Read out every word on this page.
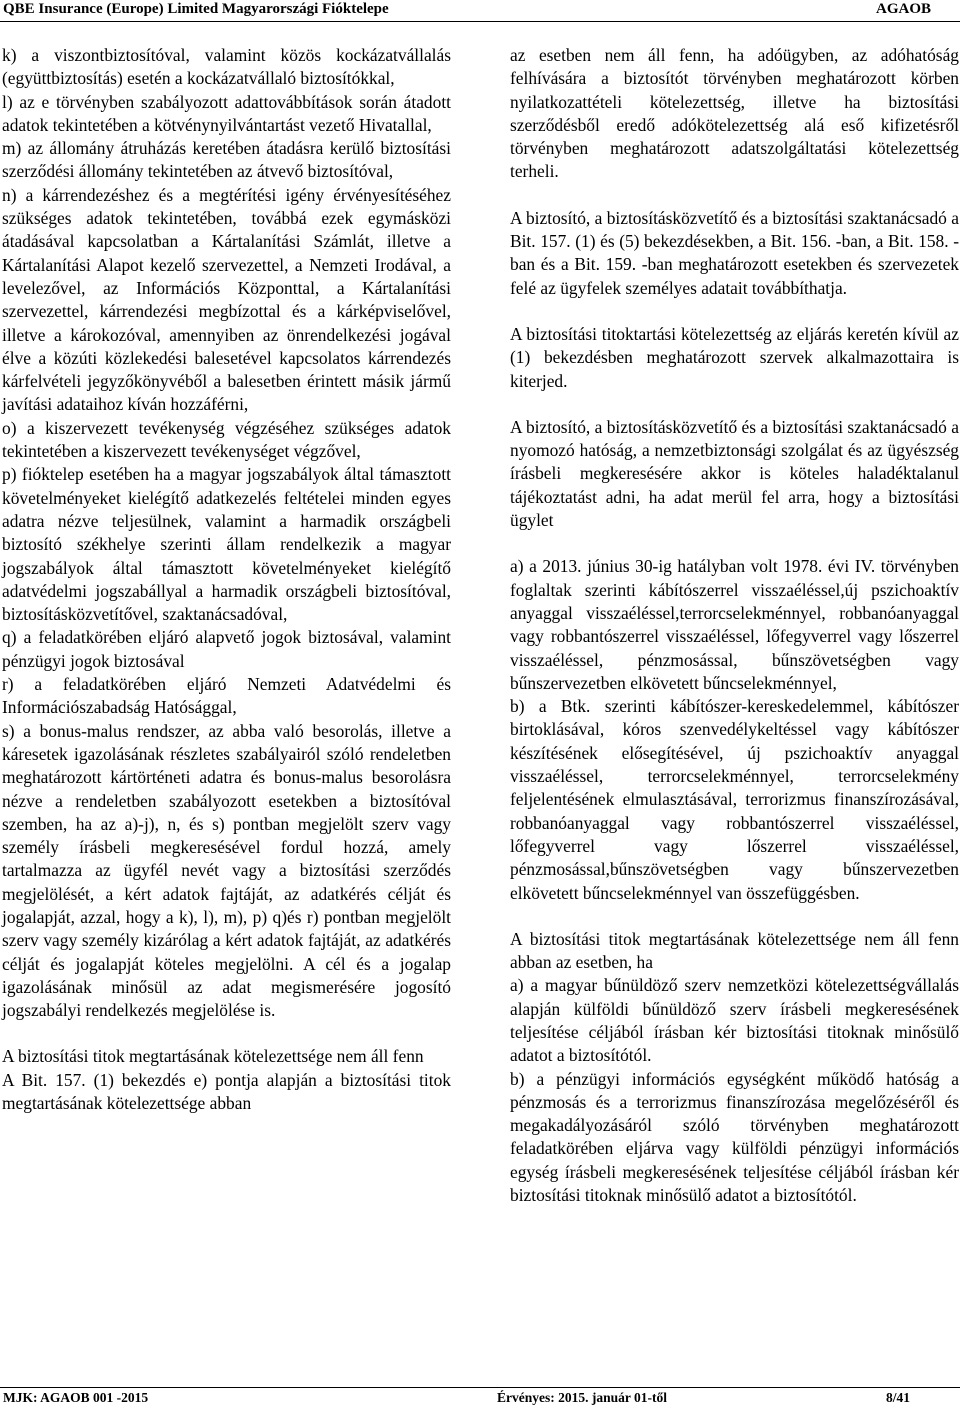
QBE Insurance (Europe) Limited Magyarországi Fióktelepe	AGAOB

k) a viszontbiztosítóval, valamint közös kockázatvállalás (együttbiztosítás) esetén a kockázatvállaló biztosítókkal,

l) az e törvényben szabályozott adattovábbítások során átadott adatok tekintetében a kötvénynyilvántartást vezető Hivatallal,

m) az állomány átruházás keretében átadásra kerülő biztosítási szerződési állomány tekintetében az átvevő biztosítóval,

n) a kárrendezéshez és a megtérítési igény érvényesítéséhez szükséges adatok tekintetében, továbbá ezek egymásközi átadásával kapcsolatban a Kártalanítási Számlát, illetve a Kártalanítási Alapot kezelő szervezettel, a Nemzeti Irodával, a levelezővel, az Információs Központtal, a Kártalanítási szervezettel, kárrendezési megbízottal és a kárképviselővel, illetve a károkozóval, amennyiben az önrendelkezési jogával élve a közúti közlekedési balesetével kapcsolatos kárrendezés kárfelvételi jegyzőkönyvéből a balesetben érintett másik jármű javítási adataihoz kíván hozzáférni,

o) a kiszervezett tevékenység végzéséhez szükséges adatok tekintetében a kiszervezett tevékenységet végzővel,

p) fióktelep esetében ha a magyar jogszabályok által támasztott követelményeket kielégítő adatkezelés feltételei minden egyes adatra nézve teljesülnek, valamint a harmadik országbeli biztosító székhelye szerinti állam rendelkezik a magyar jogszabályok által támasztott követelményeket kielégítő adatvédelmi jogszabállyal a harmadik országbeli biztosítóval, biztosításközvetítővel, szaktanácsadóval,

q) a feladatkörében eljáró alapvető jogok biztosával, valamint pénzügyi jogok biztosával

r) a feladatkörében eljáró Nemzeti Adatvédelmi és Információszabadság Hatósággal,

s) a bonus-malus rendszer, az abba való besorolás, illetve a káresetek igazolásának részletes szabályairól szóló rendeletben meghatározott kártörténeti adatra és bonus-malus besorolásra nézve a rendeletben szabályozott esetekben a biztosítóval szemben, ha az a)-j), n, és s) pontban megjelölt szerv vagy személy írásbeli megkeresésével fordul hozzá, amely tartalmazza az ügyfél nevét vagy a biztosítási szerződés megjelölését, a kért adatok fajtáját, az adatkérés célját és jogalapját, azzal, hogy a k), l), m), p) q)és r) pontban megjelölt szerv vagy személy kizárólag a kért adatok fajtáját, az adatkérés célját és jogalapját köteles megjelölni. A cél és a jogalap igazolásának minősül az adat megismerésére jogosító jogszabályi rendelkezés megjelölése is.

A biztosítási titok megtartásának kötelezettsége nem áll fenn

A Bit. 157. (1) bekezdés e) pontja alapján a biztosítási titok megtartásának kötelezettsége abban

az esetben nem áll fenn, ha adóügyben, az adóhatóság felhívására a biztosítót törvényben meghatározott körben nyilatkozattételi kötelezettség, illetve ha biztosítási szerződésből eredő adókötelezettség alá eső kifizetésről törvényben meghatározott adatszolgáltatási kötelezettség terheli.

A biztosító, a biztosításközvetítő és a biztosítási szaktanácsadó a Bit. 157. (1) és (5) bekezdésekben, a Bit. 156. -ban, a Bit. 158. -ban és a Bit. 159. -ban meghatározott esetekben és szervezetek felé az ügyfelek személyes adatait továbbíthatja.

A biztosítási titoktartási kötelezettség az eljárás keretén kívül az (1) bekezdésben meghatározott szervek alkalmazottaira is kiterjed.

A biztosító, a biztosításközvetítő és a biztosítási szaktanácsadó a nyomozó hatóság, a nemzetbiztonsági szolgálat és az ügyészség írásbeli megkeresésére akkor is köteles haladéktalanul tájékoztatást adni, ha adat merül fel arra, hogy a biztosítási ügylet

a) a 2013. június 30-ig hatályban volt 1978. évi IV. törvényben foglaltak szerinti kábítószerrel visszaéléssel,új pszichoaktív anyaggal visszaéléssel,terrorcselekménnyel, robbanóanyaggal vagy robbantószerrel visszaéléssel, lőfegyverrel vagy lőszerrel visszaéléssel, pénzmosással, bűnszövetségben vagy bűnszervezetben elkövetett bűncselekménnyel,

b) a Btk. szerinti kábítószer-kereskedelemmel, kábítószer birtoklásával, kóros szenvedélykeltéssel vagy kábítószer készítésének elősegítésével, új pszichoaktív anyaggal visszaéléssel, terrorcselekménnyel, terrorcselekmény feljelentésének elmulasztásával, terrorizmus finanszírozásával, robbanóanyaggal vagy robbantószerrel visszaéléssel, lőfegyverrel vagy lőszerrel visszaéléssel, pénzmosással,bűnszövetségben vagy bűnszervezetben elkövetett bűncselekménnyel van összefüggésben.

A biztosítási titok megtartásának kötelezettsége nem áll fenn abban az esetben, ha

a) a magyar bűnüldöző szerv nemzetközi kötelezettségvállalás alapján külföldi bűnüldöző szerv írásbeli megkeresésének teljesítése céljából írásban kér biztosítási titoknak minősülő adatot a biztosítótól.

b) a pénzügyi információs egységként működő hatóság a pénzmosás és a terrorizmus finanszírozása megelőzéséről és megakadályozásáról szóló törvényben meghatározott feladatkörében eljárva vagy külföldi pénzügyi információs egység írásbeli megkeresésének teljesítése céljából írásban kér biztosítási titoknak minősülő adatot a biztosítótól.

MJK: AGAOB 001 -2015	Érvényes: 2015. január 01-től	8/41
